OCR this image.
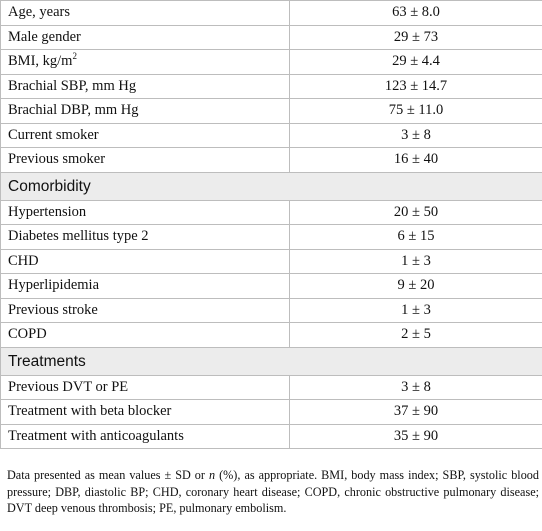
Age, years	63 ± 8.0
Male gender	29 ± 73
BMI, $kg/m^2$	29 ± 4.4
Brachial SBP, mm Hg	123 ± 14.7
Brachial DBP, mm Hg	75 ± 11.0
Current smoker	3 ± 8
Previous smoker	16 ± 40
Comorbidity	
Hypertension	20 ± 50
Diabetes mellitus type 2	6 ± 15
CHD	1 ± 3
Hyperlipidemia	9 ± 20
Previous stroke	1 ± 3
COPD	2 ± 5
Treatments	
Previous DVT or PE	3 ± 8
Treatment with beta blocker	37 ± 90
Treatment with anticoagulants	35 ± 90
Data presented as mean values ± SD or n (%), as appropriate. BMI, body mass index; SBP, systolic blood pressure; DBP, diastolic BP; CHD, coronary heart disease; COPD, chronic obstructive pulmonary disease; DVT deep venous thrombosis; PE, pulmonary embolism.
